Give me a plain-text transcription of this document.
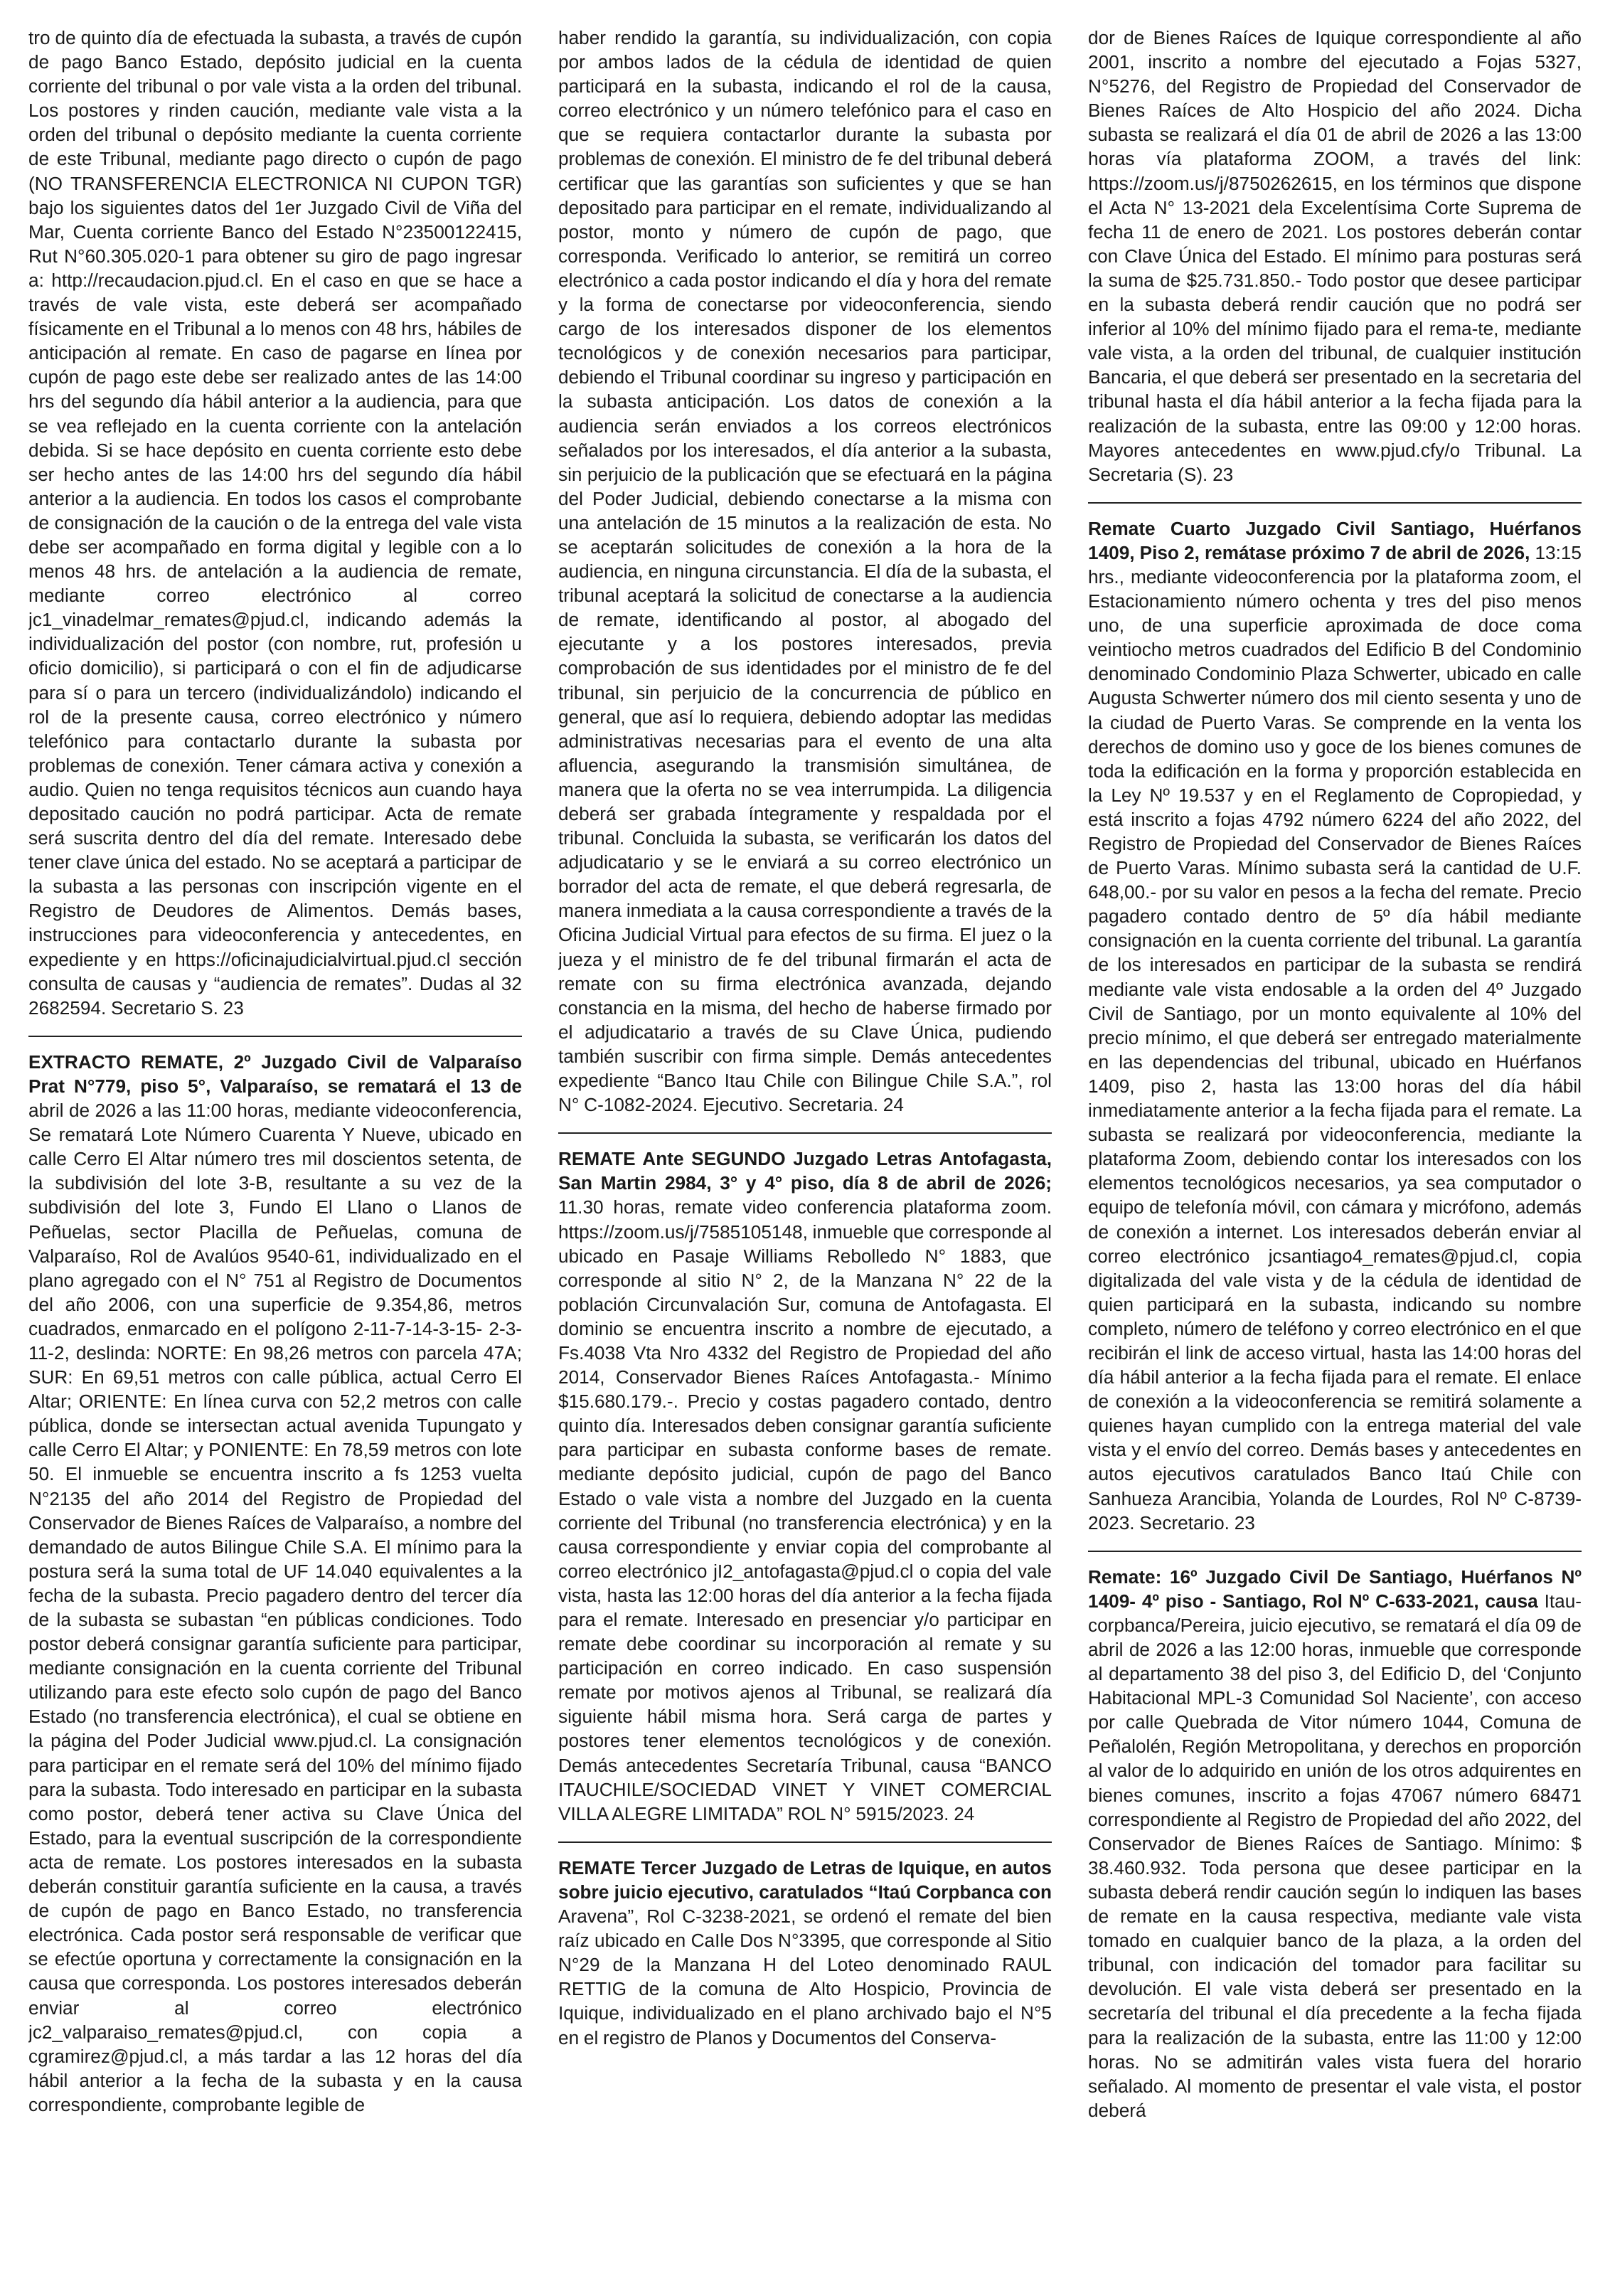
tro de quinto día de efectuada la subasta, a través de cupón de pago Banco Estado, depósito judicial en la cuenta corriente del tribunal o por vale vista a la orden del tribunal. Los postores y rinden caución, mediante vale vista a la orden del tribunal o depósito mediante la cuenta corriente de este Tribunal, mediante pago directo o cupón de pago (NO TRANSFERENCIA ELECTRONICA NI CUPON TGR) bajo los siguientes datos del 1er Juzgado Civil de Viña del Mar, Cuenta corriente Banco del Estado N°23500122415, Rut N°60.305.020-1 para obtener su giro de pago ingresar a: http://recaudacion.pjud.cl. En el caso en que se hace a través de vale vista, este deberá ser acompañado físicamente en el Tribunal a lo menos con 48 hrs, hábiles de anticipación al remate. En caso de pagarse en línea por cupón de pago este debe ser realizado antes de las 14:00 hrs del segundo día hábil anterior a la audiencia, para que se vea reflejado en la cuenta corriente con la antelación debida. Si se hace depósito en cuenta corriente esto debe ser hecho antes de las 14:00 hrs del segundo día hábil anterior a la audiencia. En todos los casos el comprobante de consignación de la caución o de la entrega del vale vista debe ser acompañado en forma digital y legible con a lo menos 48 hrs. de antelación a la audiencia de remate, mediante correo electrónico al correo jc1_vinadelmar_remates@pjud.cl, indicando además la individualización del postor (con nombre, rut, profesión u oficio domicilio), si participará o con el fin de adjudicarse para sí o para un tercero (individualizándolo) indicando el rol de la presente causa, correo electrónico y número telefónico para contactarlo durante la subasta por problemas de conexión. Tener cámara activa y conexión a audio. Quien no tenga requisitos técnicos aun cuando haya depositado caución no podrá participar. Acta de remate será suscrita dentro del día del remate. Interesado debe tener clave única del estado. No se aceptará a participar de la subasta a las personas con inscripción vigente en el Registro de Deudores de Alimentos. Demás bases, instrucciones para videoconferencia y antecedentes, en expediente y en https://oficinajudicialvirtual.pjud.cl sección consulta de causas y “audiencia de remates”. Dudas al 32 2682594. Secretario S. 23

EXTRACTO REMATE, 2º Juzgado Civil de Valparaíso Prat N°779, piso 5°, Valparaíso, se rematará el 13 de abril de 2026 a las 11:00 horas, mediante videoconferencia, Se rematará Lote Número Cuarenta Y Nueve, ubicado en calle Cerro El Altar número tres mil doscientos setenta, de la subdivisión del lote 3-B, resultante a su vez de la subdivisión del lote 3, Fundo El Llano o Llanos de Peñuelas, sector Placilla de Peñuelas, comuna de Valparaíso, Rol de Avalúos 9540-61, individualizado en el plano agregado con el N° 751 al Registro de Documentos del año 2006, con una superficie de 9.354,86, metros cuadrados, enmarcado en el polígono 2-11-7-14-3-15- 2-3-11-2, deslinda: NORTE: En 98,26 metros con parcela 47A; SUR: En 69,51 metros con calle pública, actual Cerro El Altar; ORIENTE: En línea curva con 52,2 metros con calle pública, donde se intersectan actual avenida Tupungato y calle Cerro El Altar; y PONIENTE: En 78,59 metros con lote 50. El inmueble se encuentra inscrito a fs 1253 vuelta N°2135 del año 2014 del Registro de Propiedad del Conservador de Bienes Raíces de Valparaíso, a nombre del demandado de autos Bilingue Chile S.A. El mínimo para la postura será la suma total de UF 14.040 equivalentes a la fecha de la subasta. Precio pagadero dentro del tercer día de la subasta se subastan “en públicas condiciones. Todo postor deberá consignar garantía suficiente para participar, mediante consignación en la cuenta corriente del Tribunal utilizando para este efecto solo cupón de pago del Banco Estado (no transferencia electrónica), el cual se obtiene en la página del Poder Judicial www.pjud.cl. La consignación para participar en el remate será del 10% del mínimo fijado para la subasta. Todo interesado en participar en la subasta como postor, deberá tener activa su Clave Única del Estado, para la eventual suscripción de la correspondiente acta de remate. Los postores interesados en la subasta deberán constituir garantía suficiente en la causa, a través de cupón de pago en Banco Estado, no transferencia electrónica. Cada postor será responsable de verificar que se efectúe oportuna y correctamente la consignación en la causa que corresponda. Los postores interesados deberán enviar al correo electrónico jc2_valparaiso_remates@pjud.cl, con copia a cgramirez@pjud.cl, a más tardar a las 12 horas del día hábil anterior a la fecha de la subasta y en la causa correspondiente, comprobante legible de

haber rendido la garantía, su individualización, con copia por ambos lados de la cédula de identidad de quien participará en la subasta, indicando el rol de la causa, correo electrónico y un número telefónico para el caso en que se requiera contactarlor durante la subasta por problemas de conexión. El ministro de fe del tribunal deberá certificar que las garantías son suficientes y que se han depositado para participar en el remate, individualizando al postor, monto y número de cupón de pago, que corresponda. Verificado lo anterior, se remitirá un correo electrónico a cada postor indicando el día y hora del remate y la forma de conectarse por videoconferencia, siendo cargo de los interesados disponer de los elementos tecnológicos y de conexión necesarios para participar, debiendo el Tribunal coordinar su ingreso y participación en la subasta anticipación. Los datos de conexión a la audiencia serán enviados a los correos electrónicos señalados por los interesados, el día anterior a la subasta, sin perjuicio de la publicación que se efectuará en la página del Poder Judicial, debiendo conectarse a la misma con una antelación de 15 minutos a la realización de esta. No se aceptarán solicitudes de conexión a la hora de la audiencia, en ninguna circunstancia. El día de la subasta, el tribunal aceptará la solicitud de conectarse a la audiencia de remate, identificando al postor, al abogado del ejecutante y a los postores interesados, previa comprobación de sus identidades por el ministro de fe del tribunal, sin perjuicio de la concurrencia de público en general, que así lo requiera, debiendo adoptar las medidas administrativas necesarias para el evento de una alta afluencia, asegurando la transmisión simultánea, de manera que la oferta no se vea interrumpida. La diligencia deberá ser grabada íntegramente y respaldada por el tribunal. Concluida la subasta, se verificarán los datos del adjudicatario y se le enviará a su correo electrónico un borrador del acta de remate, el que deberá regresarla, de manera inmediata a la causa correspondiente a través de la Oficina Judicial Virtual para efectos de su firma. El juez o la jueza y el ministro de fe del tribunal firmarán el acta de remate con su firma electrónica avanzada, dejando constancia en la misma, del hecho de haberse firmado por el adjudicatario a través de su Clave Única, pudiendo también suscribir con firma simple. Demás antecedentes expediente “Banco Itau Chile con Bilingue Chile S.A.”, rol N° C-1082-2024. Ejecutivo. Secretaria. 24

REMATE Ante SEGUNDO Juzgado Letras Antofagasta, San Martin 2984, 3° y 4° piso, día 8 de abril de 2026; 11.30 horas, remate video conferencia plataforma zoom. https://zoom.us/j/7585105148, inmueble que corresponde al ubicado en Pasaje Williams Rebolledo N° 1883, que corresponde al sitio N° 2, de la Manzana N° 22 de la población Circunvalación Sur, comuna de Antofagasta. El dominio se encuentra inscrito a nombre de ejecutado, a Fs.4038 Vta Nro 4332 del Registro de Propiedad del año 2014, Conservador Bienes Raíces Antofagasta.- Mínimo $15.680.179.-. Precio y costas pagadero contado, dentro quinto día. Interesados deben consignar garantía suficiente para participar en subasta conforme bases de remate. mediante depósito judicial, cupón de pago del Banco Estado o vale vista a nombre del Juzgado en la cuenta corriente del Tribunal (no transferencia electrónica) y en la causa correspondiente y enviar copia del comprobante al correo electrónico jI2_antofagasta@pjud.cl o copia del vale vista, hasta las 12:00 horas del día anterior a la fecha fijada para el remate. Interesado en presenciar y/o participar en remate debe coordinar su incorporación aI remate y su participación en correo indicado. En caso suspensión remate por motivos ajenos al Tribunal, se realizará día siguiente hábil misma hora. Será carga de partes y postores tener elementos tecnológicos y de conexión. Demás antecedentes Secretaría Tribunal, causa “BANCO ITAUCHILE/SOCIEDAD VINET Y VINET COMERCIAL VILLA ALEGRE LIMITADA” ROL N° 5915/2023. 24

REMATE Tercer Juzgado de Letras de Iquique, en autos sobre juicio ejecutivo, caratulados “Itaú Corpbanca con Aravena”, Rol C-3238-2021, se ordenó el remate del bien raíz ubicado en CaIle Dos N°3395, que corresponde al Sitio N°29 de la Manzana H del Loteo denominado RAUL RETTIG de la comuna de Alto Hospicio, Provincia de Iquique, individualizado en el plano archivado bajo el N°5 en el registro de Planos y Documentos del Conserva-

dor de Bienes Raíces de Iquique correspondiente al año 2001, inscrito a nombre del ejecutado a Fojas 5327, N°5276, del Registro de Propiedad del Conservador de Bienes Raíces de Alto Hospicio del año 2024. Dicha subasta se realizará el día 01 de abril de 2026 a las 13:00 horas vía plataforma ZOOM, a través del link: https://zoom.us/j/8750262615, en los términos que dispone el Acta N° 13-2021 dela Excelentísima Corte Suprema de fecha 11 de enero de 2021. Los postores deberán contar con Clave Única del Estado. El mínimo para posturas será la suma de $25.731.850.- Todo postor que desee participar en la subasta deberá rendir caución que no podrá ser inferior al 10% del mínimo fijado para el rema-te, mediante vale vista, a la orden del tribunal, de cualquier institución Bancaria, el que deberá ser presentado en la secretaria del tribunal hasta el día hábil anterior a la fecha fijada para la realización de la subasta, entre las 09:00 y 12:00 horas. Mayores antecedentes en www.pjud.cfy/o Tribunal. La Secretaria (S). 23

Remate Cuarto Juzgado Civil Santiago, Huérfanos 1409, Piso 2, remátase próximo 7 de abril de 2026, 13:15 hrs., mediante videoconferencia por la plataforma zoom, el Estacionamiento número ochenta y tres del piso menos uno, de una superficie aproximada de doce coma veintiocho metros cuadrados del Edificio B del Condominio denominado Condominio Plaza Schwerter, ubicado en calle Augusta Schwerter número dos mil ciento sesenta y uno de la ciudad de Puerto Varas. Se comprende en la venta los derechos de domino uso y goce de los bienes comunes de toda la edificación en la forma y proporción establecida en la Ley Nº 19.537 y en el Reglamento de Copropiedad, y está inscrito a fojas 4792 número 6224 del año 2022, del Registro de Propiedad del Conservador de Bienes Raíces de Puerto Varas. Mínimo subasta será la cantidad de U.F. 648,00.- por su valor en pesos a la fecha del remate. Precio pagadero contado dentro de 5º día hábil mediante consignación en la cuenta corriente del tribunal. La garantía de los interesados en participar de la subasta se rendirá mediante vale vista endosable a la orden del 4º Juzgado Civil de Santiago, por un monto equivalente al 10% del precio mínimo, el que deberá ser entregado materialmente en las dependencias del tribunal, ubicado en Huérfanos 1409, piso 2, hasta las 13:00 horas del día hábil inmediatamente anterior a la fecha fijada para el remate. La subasta se realizará por videoconferencia, mediante la plataforma Zoom, debiendo contar los interesados con los elementos tecnológicos necesarios, ya sea computador o equipo de telefonía móvil, con cámara y micrófono, además de conexión a internet. Los interesados deberán enviar al correo electrónico jcsantiago4_remates@pjud.cl, copia digitalizada del vale vista y de la cédula de identidad de quien participará en la subasta, indicando su nombre completo, número de teléfono y correo electrónico en el que recibirán el link de acceso virtual, hasta las 14:00 horas del día hábil anterior a la fecha fijada para el remate. El enlace de conexión a la videoconferencia se remitirá solamente a quienes hayan cumplido con la entrega material del vale vista y el envío del correo. Demás bases y antecedentes en autos ejecutivos caratulados Banco Itaú Chile con Sanhueza Arancibia, Yolanda de Lourdes, Rol Nº C-8739-2023. Secretario. 23

Remate: 16º Juzgado Civil De Santiago, Huérfanos Nº 1409- 4º piso - Santiago, Rol Nº C-633-2021, causa Itau-corpbanca/Pereira, juicio ejecutivo, se rematará el día 09 de abril de 2026 a las 12:00 horas, inmueble que corresponde al departamento 38 del piso 3, del Edificio D, del ‘Conjunto Habitacional MPL-3 Comunidad Sol Naciente’, con acceso por calle Quebrada de Vitor número 1044, Comuna de Peñalolén, Región Metropolitana, y derechos en proporción al valor de lo adquirido en unión de los otros adquirentes en bienes comunes, inscrito a fojas 47067 número 68471 correspondiente al Registro de Propiedad del año 2022, del Conservador de Bienes Raíces de Santiago. Mínimo: $ 38.460.932. Toda persona que desee participar en la subasta deberá rendir caución según lo indiquen las bases de remate en la causa respectiva, mediante vale vista tomado en cualquier banco de la plaza, a la orden del tribunal, con indicación del tomador para facilitar su devolución. El vale vista deberá ser presentado en la secretaría del tribunal el día precedente a la fecha fijada para la realización de la subasta, entre las 11:00 y 12:00 horas. No se admitirán vales vista fuera del horario señalado. Al momento de presentar el vale vista, el postor deberá
